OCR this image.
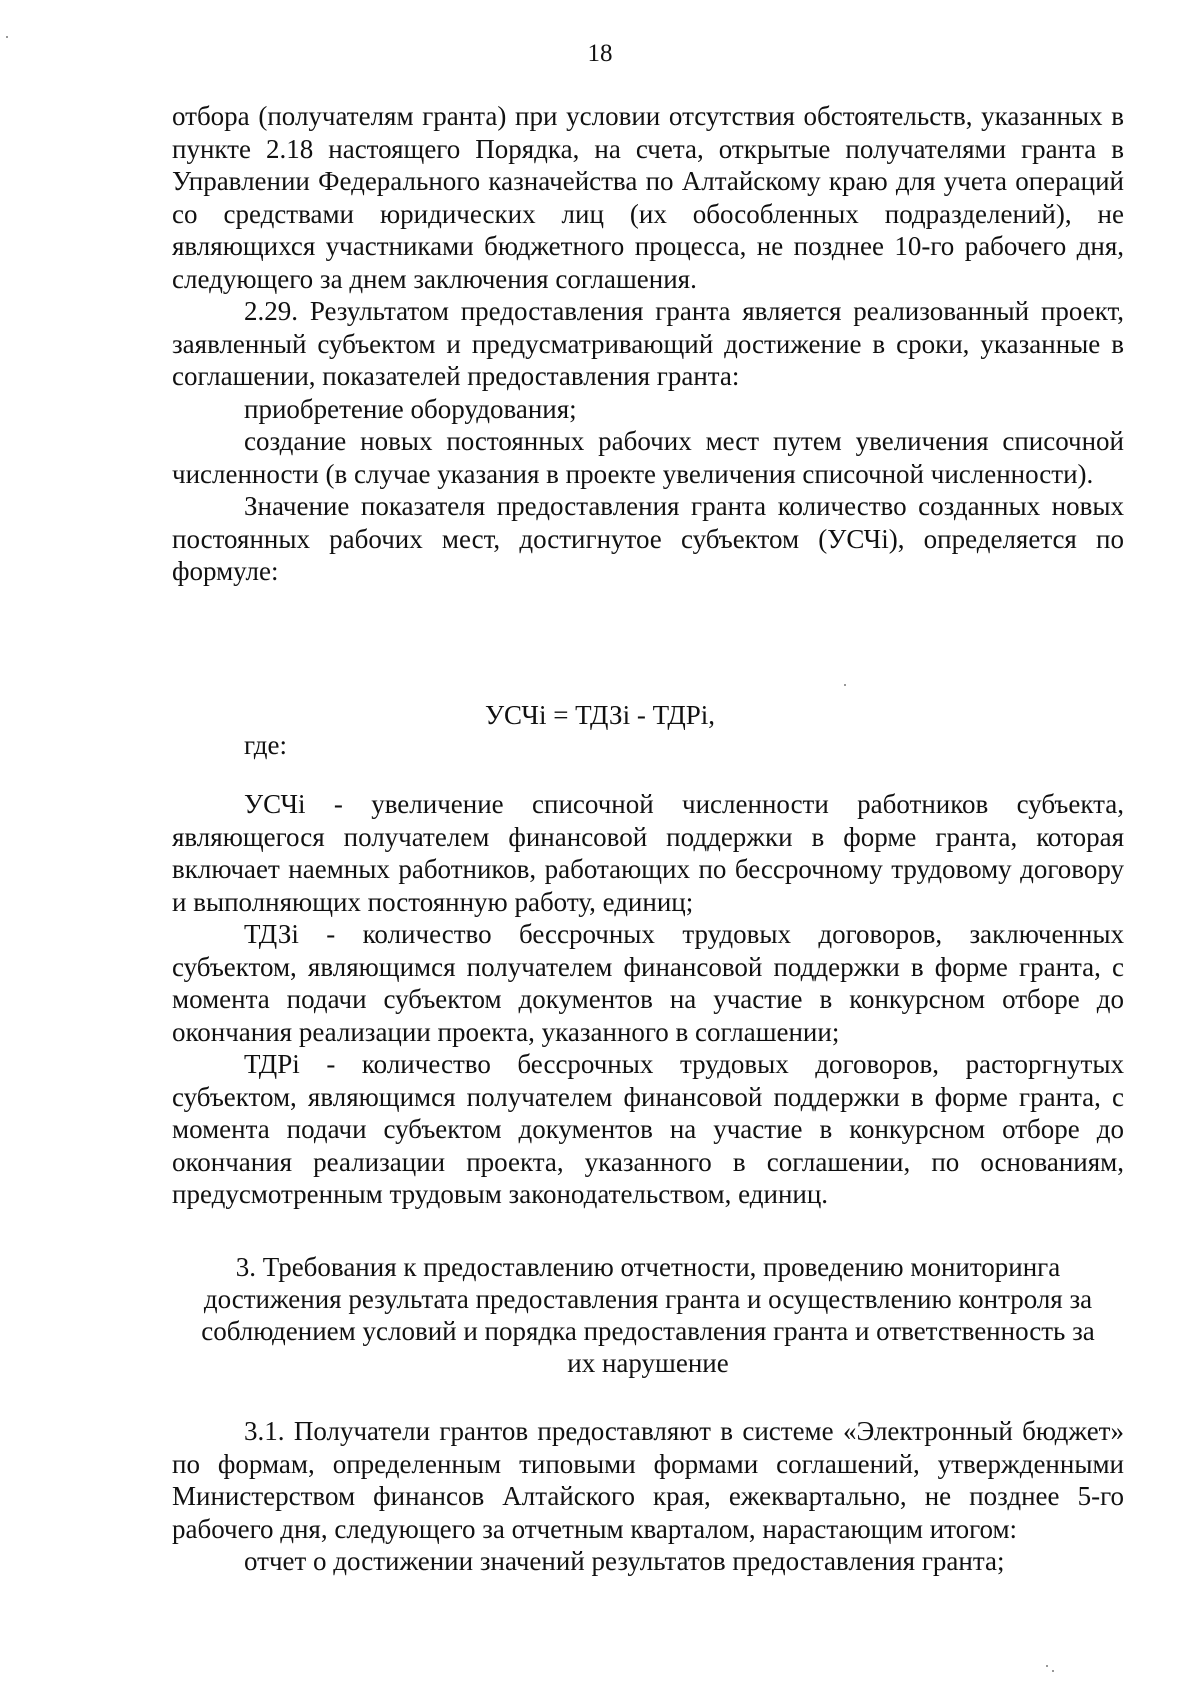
18

отбора (получателям гранта) при условии отсутствия обстоятельств, указанных в пункте 2.18 настоящего Порядка, на счета, открытые получателями гранта в Управлении Федерального казначейства по Алтайскому краю для учета операций со средствами юридических лиц (их обособленных подразделений), не являющихся участниками бюджетного процесса, не позднее 10-го рабочего дня, следующего за днем заключения соглашения.

2.29. Результатом предоставления гранта является реализованный проект, заявленный субъектом и предусматривающий достижение в сроки, указанные в соглашении, показателей предоставления гранта:

приобретение оборудования;

создание новых постоянных рабочих мест путем увеличения списочной численности (в случае указания в проекте увеличения списочной численности).

Значение показателя предоставления гранта количество созданных новых постоянных рабочих мест, достигнутое субъектом (УСЧi), определяется по формуле:

УСЧi = ТДЗi - ТДРi,
где:

УСЧi - увеличение списочной численности работников субъекта, являющегося получателем финансовой поддержки в форме гранта, которая включает наемных работников, работающих по бессрочному трудовому договору и выполняющих постоянную работу, единиц;

ТДЗi - количество бессрочных трудовых договоров, заключенных субъектом, являющимся получателем финансовой поддержки в форме гранта, с момента подачи субъектом документов на участие в конкурсном отборе до окончания реализации проекта, указанного в соглашении;

ТДРi - количество бессрочных трудовых договоров, расторгнутых субъектом, являющимся получателем финансовой поддержки в форме гранта, с момента подачи субъектом документов на участие в конкурсном отборе до окончания реализации проекта, указанного в соглашении, по основаниям, предусмотренным трудовым законодательством, единиц.

3. Требования к предоставлению отчетности, проведению мониторинга
достижения результата предоставления гранта и осуществлению контроля за
соблюдением условий и порядка предоставления гранта и ответственность за
их нарушение

3.1. Получатели грантов предоставляют в системе «Электронный бюджет» по формам, определенным типовыми формами соглашений, утвержденными Министерством финансов Алтайского края, ежеквартально, не позднее 5-го рабочего дня, следующего за отчетным кварталом, нарастающим итогом:

отчет о достижении значений результатов предоставления гранта;
